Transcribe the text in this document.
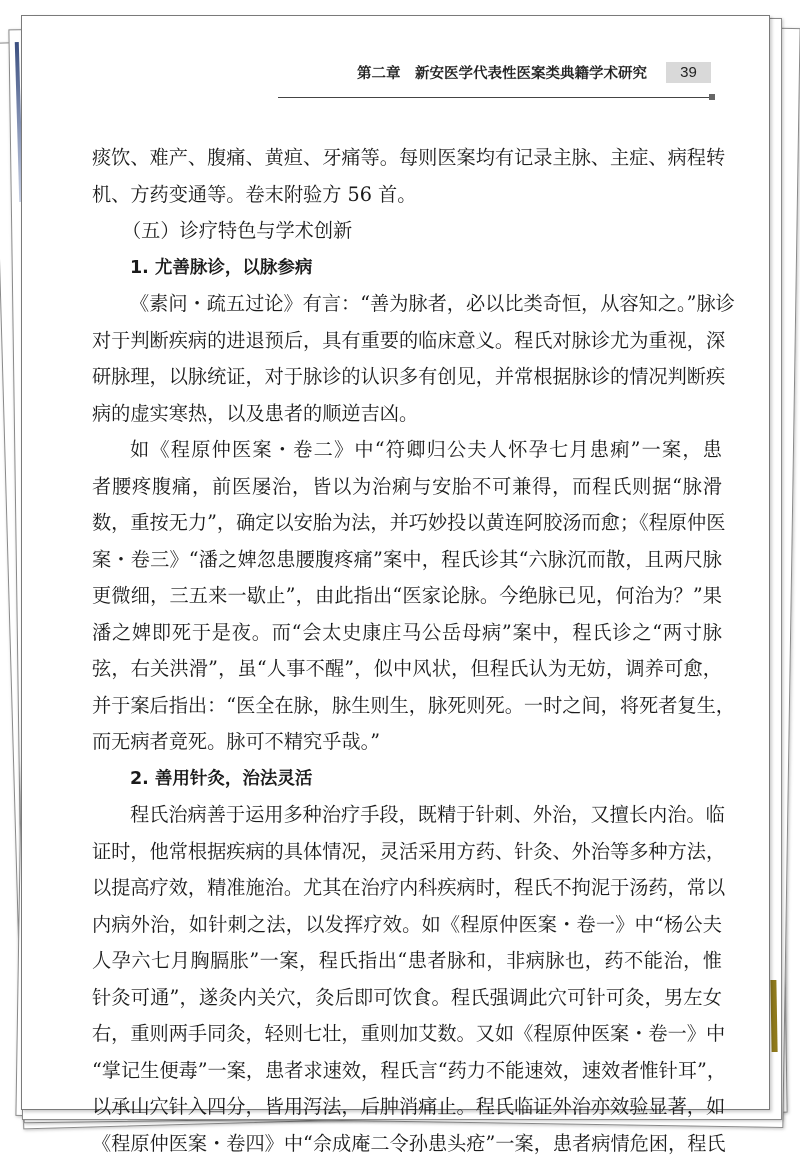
第二章　新安医学代表性医案类典籍学术研究	39
痰饮、难产、腹痛、黄疸、牙痛等。每则医案均有记录主脉、主症、病程转
机、方药变通等。卷末附验方 56 首。
（五）诊疗特色与学术创新
1. 尤善脉诊，以脉参病
《素问・疏五过论》有言：“善为脉者，必以比类奇恒，从容知之。”脉诊
对于判断疾病的进退预后，具有重要的临床意义。程氏对脉诊尤为重视，深
研脉理，以脉统证，对于脉诊的认识多有创见，并常根据脉诊的情况判断疾
病的虚实寒热，以及患者的顺逆吉凶。
如《程原仲医案・卷二》中“符卿归公夫人怀孕七月患痢”一案，患
者腰疼腹痛，前医屡治，皆以为治痢与安胎不可兼得，而程氏则据“脉滑
数，重按无力”，确定以安胎为法，并巧妙投以黄连阿胶汤而愈；《程原仲医
案・卷三》“潘之婢忽患腰腹疼痛”案中，程氏诊其“六脉沉而散，且两尺脉
更微细，三五来一歇止”，由此指出“医家论脉。今绝脉已见，何治为？”果
潘之婢即死于是夜。而“会太史康庄马公岳母病”案中，程氏诊之“两寸脉
弦，右关洪滑”，虽“人事不醒”，似中风状，但程氏认为无妨，调养可愈，
并于案后指出：“医全在脉，脉生则生，脉死则死。一时之间，将死者复生，
而无病者竟死。脉可不精究乎哉。”
2. 善用针灸，治法灵活
程氏治病善于运用多种治疗手段，既精于针刺、外治，又擅长内治。临
证时，他常根据疾病的具体情况，灵活采用方药、针灸、外治等多种方法，
以提高疗效，精准施治。尤其在治疗内科疾病时，程氏不拘泥于汤药，常以
内病外治，如针刺之法，以发挥疗效。如《程原仲医案・卷一》中“杨公夫
人孕六七月胸膈胀”一案，程氏指出“患者脉和，非病脉也，药不能治，惟
针灸可通”，遂灸内关穴，灸后即可饮食。程氏强调此穴可针可灸，男左女
右，重则两手同灸，轻则七壮，重则加艾数。又如《程原仲医案・卷一》中
“掌记生便毒”一案，患者求速效，程氏言“药力不能速效，速效者惟针耳”，
以承山穴针入四分，皆用泻法，后肿消痛止。程氏临证外治亦效验显著，如
《程原仲医案・卷四》中“佘成庵二令孙患头疮”一案，患者病情危困，程氏
